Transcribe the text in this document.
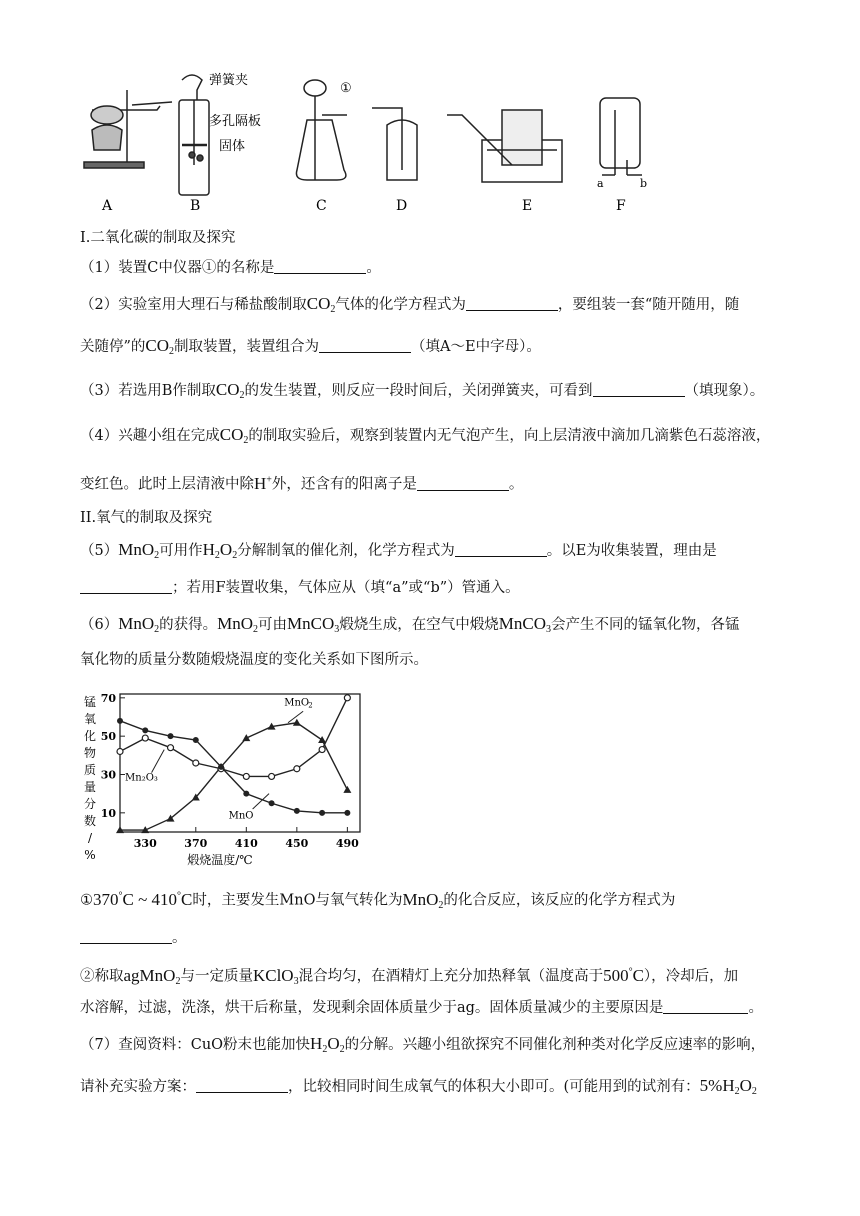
A
弹簧夹
多孔隔板
固体
B
①
C	D	E
a	b
F
I.二氧化碳的制取及探究
（1）装置C中仪器①的名称是	。
（2）实验室用大理石与稀盐酸制取$CO_2$气体的化学方程式为	，要组装一套“随开随用，随
关随停”的$CO_2$制取装置，装置组合为	（填A～E中字母）。
（3）若选用B作制取$CO_2$的发生装置，则反应一段时间后，关闭弹簧夹，可看到	（填现象）。
（4）兴趣小组在完成$CO_2$的制取实验后，观察到装置内无气泡产生，向上层清液中滴加几滴紫色石蕊溶液，
变红色。此时上层清液中除H+外，还含有的阳离子是	。
II.氧气的制取及探究
（5）MnO$_2$可用作$H_2O_2$分解制氧的催化剂，化学方程式为	。以E为收集装置，理由是
；若用F装置收集，气体应从（填“a”或“b”）管通入。
（6）MnO$_2$的获得。MnO$_2$可由MnCO$_3$煅烧生成，在空气中煅烧MnCO$_3$会产生不同的锰氧化物，各锰
氧化物的质量分数随煅烧温度的变化关系如下图所示。
10
30
50
70
330	370	410	450	490
锰
氧
化
物
质
量
分
数
/
%	煅烧温度/℃
MnO 2
Mn₂O₃
MnO
①370°C ~ 410°C时，主要发生MnO与氧气转化为MnO$_2$的化合反应，该反应的化学方程式为
。
②称取agMnO$_2$与一定质量KClO$_3$混合均匀，在酒精灯上充分加热释氧（温度高于500°C），冷却后，加
水溶解，过滤，洗涤，烘干后称量，发现剩余固体质量少于ag。固体质量减少的主要原因是	。
（7）查阅资料：CuO粉末也能加快$H_2O_2$的分解。兴趣小组欲探究不同催化剂种类对化学反应速率的影响，
请补充实验方案：	，比较相同时间生成氧气的体积大小即可。(可能用到的试剂有：$5\%H_2O_2$
